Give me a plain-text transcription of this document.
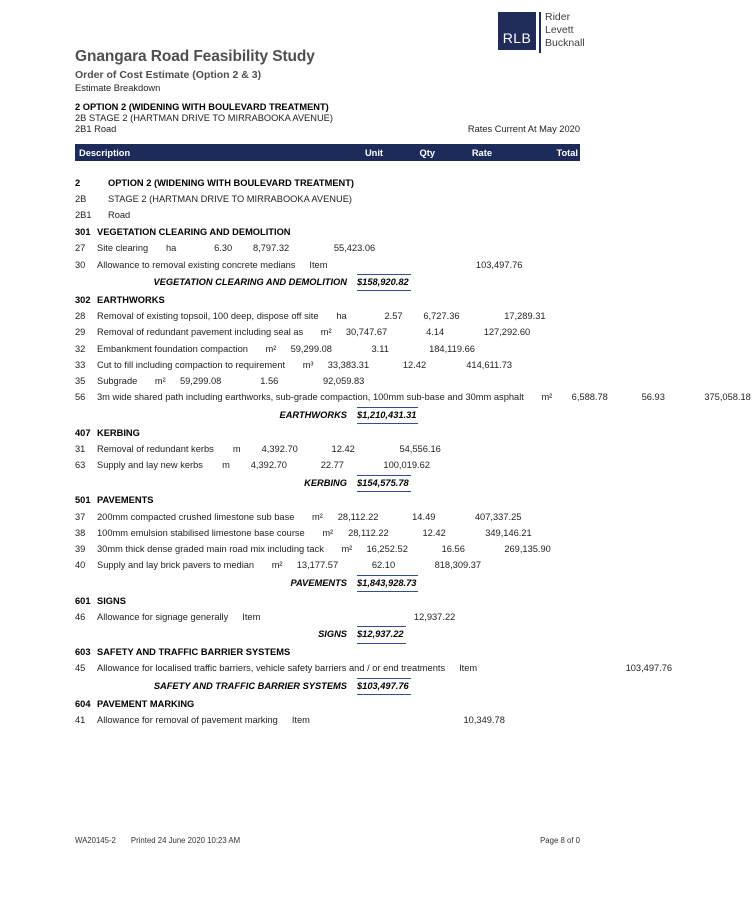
RLB
Rider
Levett
Bucknall
Gnangara Road Feasibility Study
Order of Cost Estimate (Option 2 & 3)
Estimate Breakdown
2 OPTION 2 (WIDENING WITH BOULEVARD TREATMENT)
2B STAGE 2 (HARTMAN DRIVE TO MIRRABOOKA AVENUE)
2B1 Road	Rates Current At May 2020
Description	Unit	Qty	Rate	Total
2	OPTION 2 (WIDENING WITH BOULEVARD TREATMENT)
2B	STAGE 2 (HARTMAN DRIVE TO MIRRABOOKA AVENUE)
2B1	Road
301 VEGETATION CLEARING AND DEMOLITION
27	Site clearing	ha	6.30	8,797.32	55,423.06
30	Allowance to removal existing concrete medians	Item	103,497.76
VEGETATION CLEARING AND DEMOLITION	$158,920.82
302 EARTHWORKS
28	Removal of existing topsoil, 100 deep, dispose off site	ha	2.57	6,727.36	17,289.31
29	Removal of redundant pavement including seal as	m²	30,747.67	4.14	127,292.60
32	Embankment foundation compaction	m²	59,299.08	3.11	184,119.66
33	Cut to fill including compaction to requirement	m³	33,383.31	12.42	414,611.73
35	Subgrade	m²	59,299.08	1.56	92,059.83
56	3m wide shared path including earthworks, sub-grade compaction, 100mm sub-base and 30mm asphalt	m²	6,588.78	56.93	375,058.18
EARTHWORKS	$1,210,431.31
407 KERBING
31	Removal of redundant kerbs	m	4,392.70	12.42	54,556.16
63	Supply and lay new kerbs	m	4,392.70	22.77	100,019.62
KERBING	$154,575.78
501 PAVEMENTS
37	200mm compacted crushed limestone sub base	m²	28,112.22	14.49	407,337.25
38	100mm emulsion stabilised limestone base course	m²	28,112.22	12.42	349,146.21
39	30mm thick dense graded main road mix including tack	m²	16,252.52	16.56	269,135.90
40	Supply and lay brick pavers to median	m²	13,177.57	62.10	818,309.37
PAVEMENTS	$1,843,928.73
601 SIGNS
46	Allowance for signage generally	Item	12,937.22
SIGNS	$12,937.22
603 SAFETY AND TRAFFIC BARRIER SYSTEMS
45	Allowance for localised traffic barriers, vehicle safety barriers and / or end treatments	Item	103,497.76
SAFETY AND TRAFFIC BARRIER SYSTEMS	$103,497.76
604 PAVEMENT MARKING
41	Allowance for removal of pavement marking	Item	10,349.78
WA20145-2 Printed 24 June 2020 10:23 AM	Page 8 of 0
